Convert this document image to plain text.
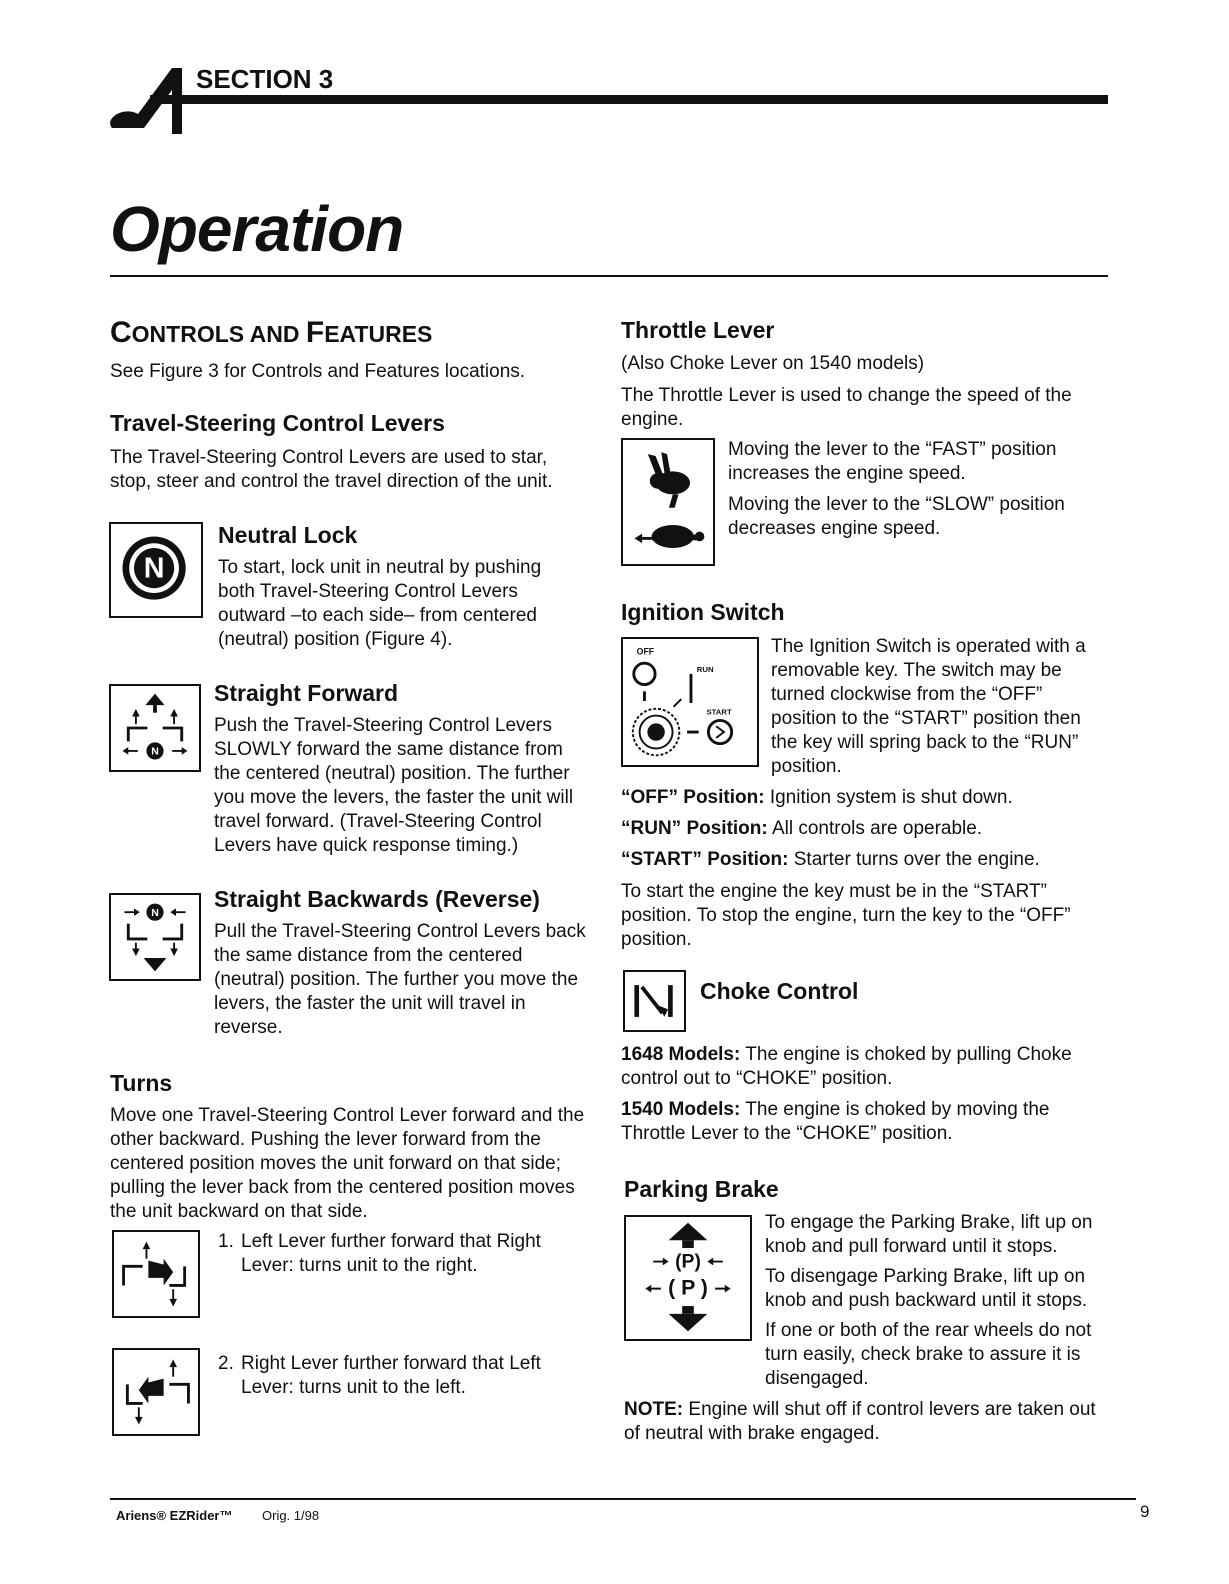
SECTION 3
Operation
CONTROLS AND FEATURES
See Figure 3 for Controls and Features locations.
Travel-Steering Control Levers
The Travel-Steering Control Levers are used to star, stop, steer and control the travel direction of the unit.
N
Neutral Lock
To start, lock unit in neutral by pushing both Travel-Steering Control Levers outward –to each side– from centered (neutral) position (Figure 4).
N
Straight Forward
Push the Travel-Steering Control Levers SLOWLY forward the same distance from the centered (neutral) position. The further you move the levers, the faster the unit will travel forward. (Travel-Steering Control Levers have quick response timing.)
N
Straight Backwards (Reverse)
Pull the Travel-Steering Control Levers back the same distance from the centered (neutral) position. The further you move the levers, the faster the unit will travel in reverse.
Turns
Move one Travel-Steering Control Lever forward and the other backward. Pushing the lever forward from the centered position moves the unit forward on that side; pulling the lever back from the centered position moves the unit backward on that side.
1. Left Lever further forward that Right Lever: turns unit to the right.
2. Right Lever further forward that Left Lever: turns unit to the left.
Throttle Lever
(Also Choke Lever on 1540 models)
The Throttle Lever is used to change the speed of the engine.
Moving the lever to the “FAST” position increases the engine speed.
Moving the lever to the “SLOW” position decreases engine speed.
Ignition Switch
OFF
RUN
START
The Ignition Switch is operated with a removable key. The switch may be turned clockwise from the “OFF” position to the “START” position then the key will spring back to the “RUN” position.
“OFF” Position: Ignition system is shut down.
“RUN” Position: All controls are operable.
“START” Position: Starter turns over the engine.
To start the engine the key must be in the “START” position. To stop the engine, turn the key to the “OFF” position.
Choke Control
1648 Models: The engine is choked by pulling Choke control out to “CHOKE” position.
1540 Models: The engine is choked by moving the Throttle Lever to the “CHOKE” position.
Parking Brake
(P)
( P )
To engage the Parking Brake, lift up on knob and pull forward until it stops.
To disengage Parking Brake, lift up on knob and push backward until it stops.
If one or both of the rear wheels do not turn easily, check brake to assure it is disengaged.
NOTE: Engine will shut off if control levers are taken out of neutral with brake engaged.
Ariens® EZRider™ Orig. 1/98	9
